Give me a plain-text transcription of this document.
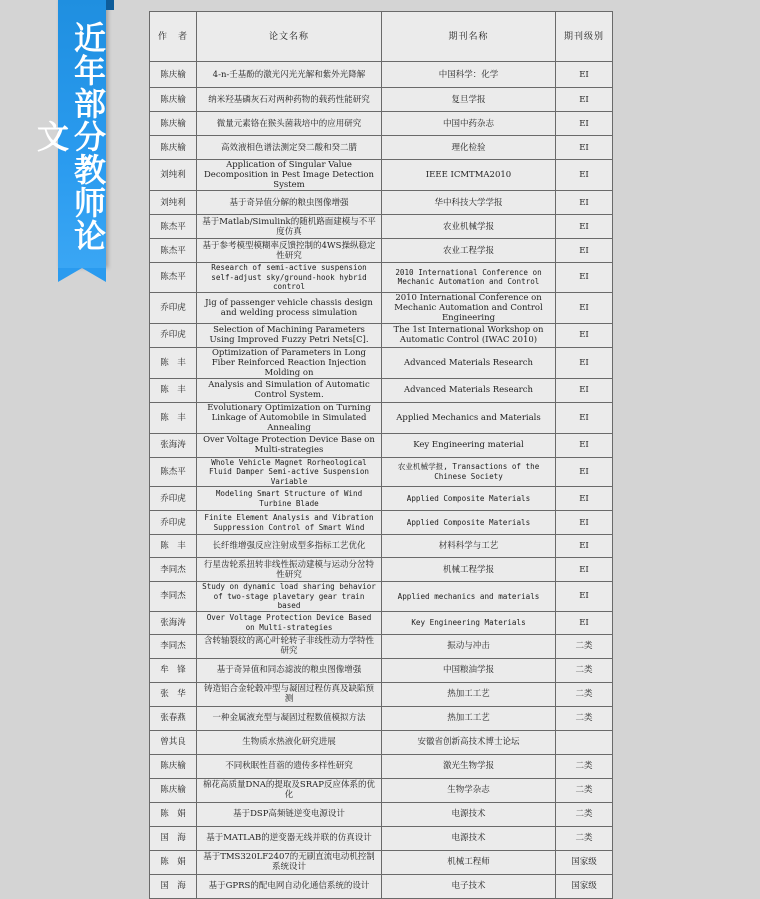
近年部分教师论文
作　者	论文名称	期刊名称	期刊级别
陈庆榆	4-n-壬基酚的激光闪光光解和紫外光降解	中国科学：化学	EI
陈庆榆	纳米羟基磷灰石对两种药物的载药性能研究	复旦学报	EI
陈庆榆	微量元素铬在猴头菌栽培中的应用研究	中国中药杂志	EI
陈庆榆	高效液相色谱法测定癸二酸和癸二腈	理化检验	EI
刘纯利	Application of Singular Value Decomposition in Pest Image Detection System	IEEE ICMTMA2010	EI
刘纯利	基于奇异值分解的粮虫图像增强	华中科技大学学报	EI
陈杰平	基于Matlab/Simulink的随机路面建模与不平度仿真	农业机械学报	EI
陈杰平	基于参考模型模糊率反馈控制的4WS操纵稳定性研究	农业工程学报	EI
陈杰平	Research of semi-active suspension self-adjust sky/ground-hook hybrid control	2010 International Conference on Mechanic Automation and Control	EI
乔印虎	Jig of passenger vehicle chassis design and welding process simulation	2010 International Conference on Mechanic Automation and Control Engineering	EI
乔印虎	Selection of Machining Parameters Using Improved Fuzzy Petri Nets[C].	The 1st International Workshop on Automatic Control (IWAC 2010)	EI
陈　丰	Optimization of Parameters in Long Fiber Reinforced Reaction Injection Molding on	Advanced Materials Research	EI
陈　丰	Analysis and Simulation of Automatic Control System.	Advanced Materials Research	EI
陈　丰	Evolutionary Optimization on Turning Linkage of Automobile in Simulated Annealing	Applied Mechanics and Materials	EI
张海涛	Over Voltage Protection Device Base on Multi-strategies	Key Engineering material	EI
陈杰平	Whole Vehicle Magnet Rorheological Fluid Damper Semi-active Suspension Variable	农业机械学报, Transactions of the Chinese Society	EI
乔印虎	Modeling Smart Structure of Wind Turbine Blade	Applied Composite Materials	EI
乔印虎	Finite Element Analysis and Vibration Suppression Control of Smart Wind	Applied Composite Materials	EI
陈　丰	长纤维增强反应注射成型多指标工艺优化	材料科学与工艺	EI
李同杰	行星齿轮系扭转非线性振动建模与运动分岔特性研究	机械工程学报	EI
李同杰	Study on dynamic load sharing behavior of two-stage plavetary gear train based	Applied mechanics and materials	EI
张海涛	Over Voltage Protection Device Based on Multi-strategies	Key Engineering Materials	EI
李同杰	含转轴裂纹的离心叶轮转子非线性动力学特性研究	振动与冲击	二类
牟　锋	基于奇异值和同态滤波的粮虫图像增强	中国粮油学报	二类
张　华	铸造铝合金轮毂冲型与凝固过程仿真及缺陷预测	热加工工艺	二类
张春燕	一种金属液充型与凝固过程数值模拟方法	热加工工艺	二类
曾其良	生物质水热液化研究进展	安徽省创新高技术博士论坛	
陈庆榆	不同秋眠性苜蓿的遗传多样性研究	激光生物学报	二类
陈庆榆	棉花高质量DNA的提取及SRAP反应体系的优化	生物学杂志	二类
陈　娟	基于DSP高频链逆变电源设计	电源技术	二类
国　海	基于MATLAB的逆变器无线并联的仿真设计	电源技术	二类
陈　娟	基于TMS320LF2407的无刷直流电动机控制系统设计	机械工程师	国家级
国　海	基于GPRS的配电网自动化通信系统的设计	电子技术	国家级
